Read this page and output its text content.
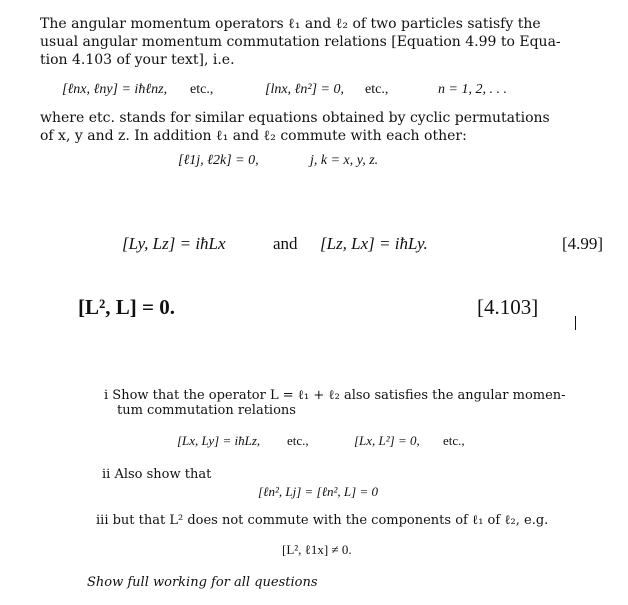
The angular momentum operators ℓ₁ and ℓ₂ of two particles satisfy the
usual angular momentum commutation relations [Equation 4.99 to Equa-
tion 4.103 of your text], i.e.
[ℓnx, ℓny] = iħℓnz, etc.,	[lnx, ℓn²] = 0, etc.,	n = 1, 2, . . .
where etc. stands for similar equations obtained by cyclic permutations
of x, y and z. In addition ℓ₁ and ℓ₂ commute with each other:
[ℓ1j, ℓ2k] = 0,	j, k = x, y, z.
[Ly, Lz] = iħLx	and [Lz, Lx] = iħLy.	[4.99]
[L², L] = 0.	[4.103]
i Show that the operator L = ℓ₁ + ℓ₂ also satisfies the angular momen-
tum commutation relations
[Lx, Ly] = iħLz, etc.,	[Lx, L²] = 0, etc.,
ii Also show that
[ℓn², Lj] = [ℓn², L] = 0
iii but that L² does not commute with the components of ℓ₁ of ℓ₂, e.g.
[L², ℓ1x] ≠ 0.
Show full working for all questions
